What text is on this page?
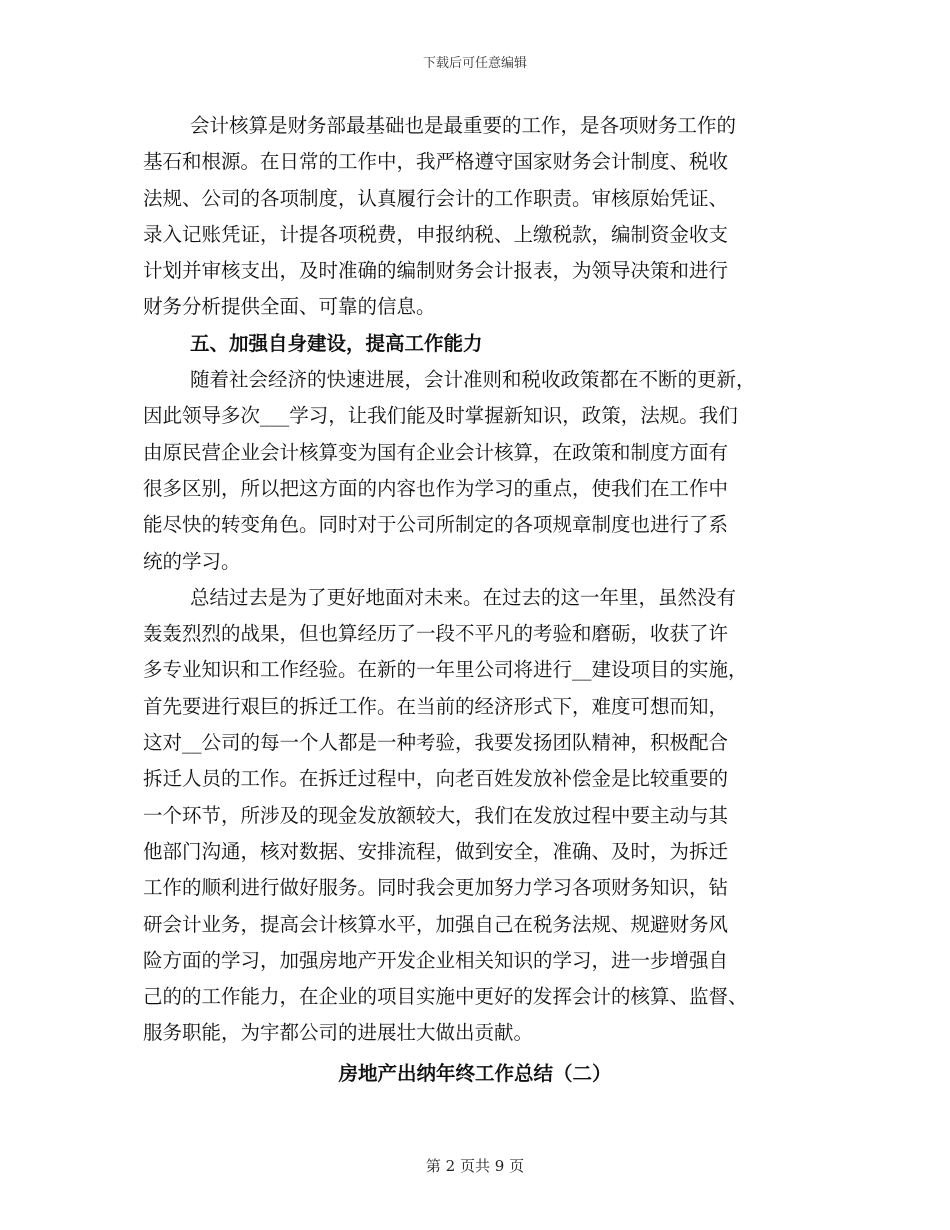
下载后可任意编辑
会计核算是财务部最基础也是最重要的工作，是各项财务工作的
基石和根源。在日常的工作中，我严格遵守国家财务会计制度、税收
法规、公司的各项制度，认真履行会计的工作职责。审核原始凭证、
录入记账凭证，计提各项税费，申报纳税、上缴税款，编制资金收支
计划并审核支出，及时准确的编制财务会计报表，为领导决策和进行
财务分析提供全面、可靠的信息。
五、加强自身建设，提高工作能力
随着社会经济的快速进展，会计准则和税收政策都在不断的更新，
因此领导多次___学习，让我们能及时掌握新知识，政策，法规。我们
由原民营企业会计核算变为国有企业会计核算，在政策和制度方面有
很多区别，所以把这方面的内容也作为学习的重点，使我们在工作中
能尽快的转变角色。同时对于公司所制定的各项规章制度也进行了系
统的学习。
总结过去是为了更好地面对未来。在过去的这一年里，虽然没有
轰轰烈烈的战果，但也算经历了一段不平凡的考验和磨砺，收获了许
多专业知识和工作经验。在新的一年里公司将进行__建设项目的实施，
首先要进行艰巨的拆迁工作。在当前的经济形式下，难度可想而知，
这对__公司的每一个人都是一种考验，我要发扬团队精神，积极配合
拆迁人员的工作。在拆迁过程中，向老百姓发放补偿金是比较重要的
一个环节，所涉及的现金发放额较大，我们在发放过程中要主动与其
他部门沟通，核对数据、安排流程，做到安全，准确、及时，为拆迁
工作的顺利进行做好服务。同时我会更加努力学习各项财务知识，钻
研会计业务，提高会计核算水平，加强自己在税务法规、规避财务风
险方面的学习，加强房地产开发企业相关知识的学习，进一步增强自
己的的工作能力，在企业的项目实施中更好的发挥会计的核算、监督、
服务职能，为宇都公司的进展壮大做出贡献。
房地产出纳年终工作总结（二）
第 2 页共 9 页
